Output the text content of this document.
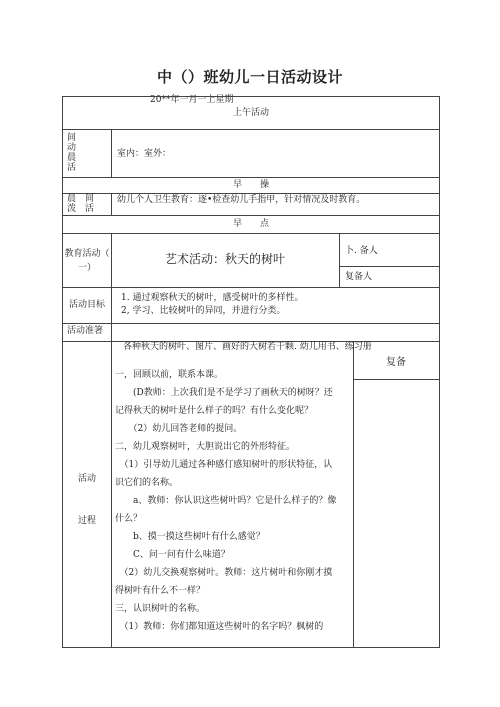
中（）班幼儿一日活动设计
20**年一月一上星期
上午活动
间
动
晨
活
室内：室外：
早　　操
晨　间
泼　活
幼儿个人卫生教育：逐•检查幼儿手指甲，针对情况及时教育。
早　　点
教育活动（
一）
艺术活动：秋天的树叶
卜. 备人
复备人
活动目标
1. 通过观察秋天的树叶，感受树叶的多样性。
2, 学习、比较树叶的异同，并进行分类。
活动准箸
各种秋天的树叶、图片、画好的大树若干颗. 幼儿用书、练习册
活动
过程
复备
一，回顾以前，联系本课。
　　(D教师：上次我们是不是学习了画秋天的树呀？还
记得秋天的树叶是什么样子的吗？有什么变化呢？
　　（2）幼儿回答老师的提问。
二，幼儿观察树叶，大胆说出它的外形特征。
　（1）引导幼儿通过各种感仃感知树叶的形状特征，认
识它们的名称。
　　a、教师：你认识这些树叶吗？它是什么样子的？像
什么？
　　b、摸一摸这些树叶有什么感觉？
　　C、问一问有什么味道？
　（2）幼儿交换观察树叶。教师：这片树叶和你刚才摸
得树叶有什么不一样？
三，认识树叶的名称。
　（1）教师：你们都知道这些树叶的名字吗？枫树的
